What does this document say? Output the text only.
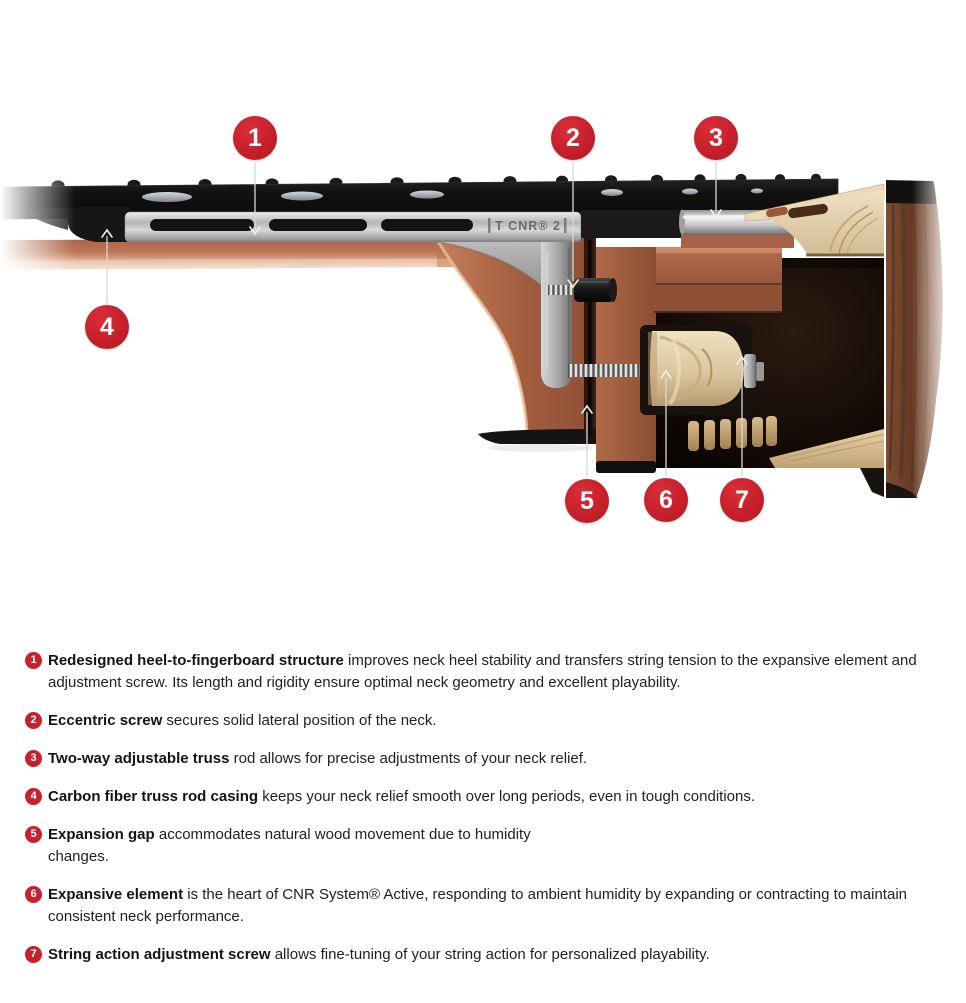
T CNR® 2
1	2	3
4
5	6	7
1 Redesigned heel-to-fingerboard structure improves neck heel stability and transfers string tension to the expansive element and adjustment screw. Its length and rigidity ensure optimal neck geometry and excellent playability.
2 Eccentric screw secures solid lateral position of the neck.
3 Two-way adjustable truss rod allows for precise adjustments of your neck relief.
4 Carbon fiber truss rod casing keeps your neck relief smooth over long periods, even in tough conditions.
5 Expansion gap accommodates natural wood movement due to humidity
changes.
6 Expansive element is the heart of CNR System® Active, responding to ambient humidity by expanding or contracting to maintain consistent neck performance.
7 String action adjustment screw allows fine-tuning of your string action for personalized playability.
